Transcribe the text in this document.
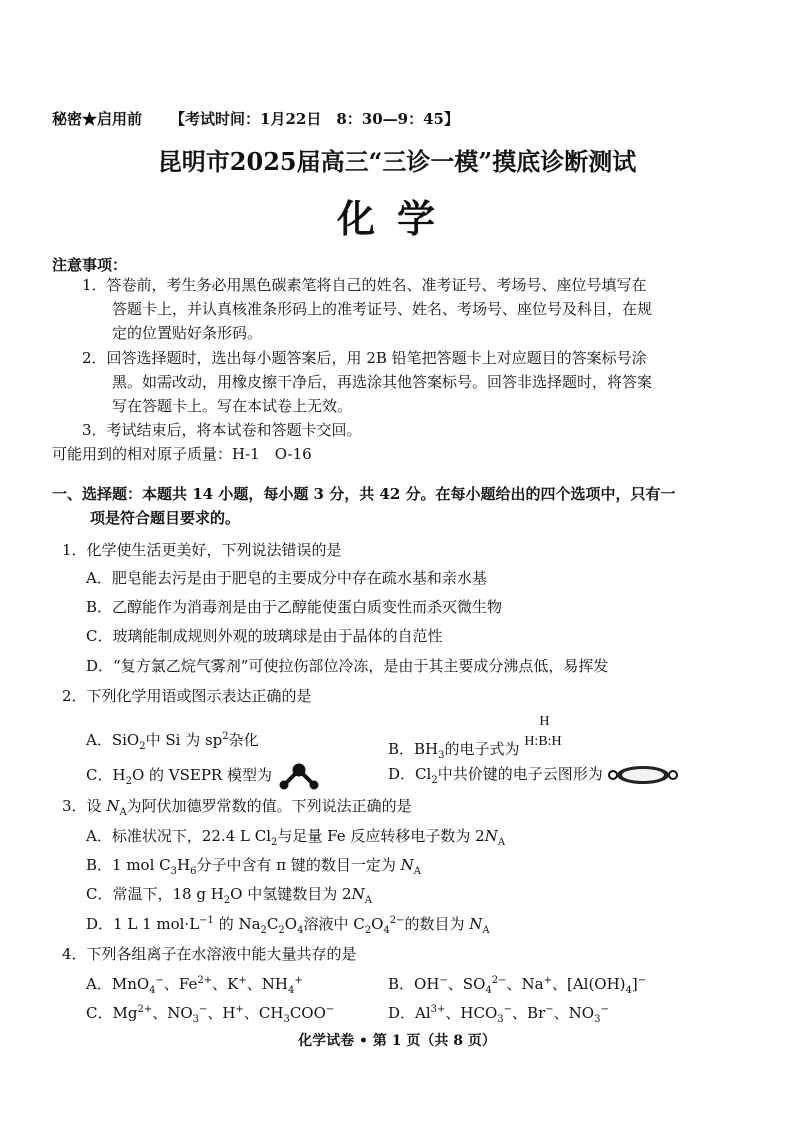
秘密★启用前 【考试时间：1月22日　8：30—9：45】
昆明市2025届高三“三诊一模”摸底诊断测试
化学
注意事项：
1．答卷前，考生务必用黑色碳素笔将自己的姓名、准考证号、考场号、座位号填写在
答题卡上，并认真核准条形码上的准考证号、姓名、考场号、座位号及科目，在规
定的位置贴好条形码。
2．回答选择题时，选出每小题答案后，用 2B 铅笔把答题卡上对应题目的答案标号涂
黑。如需改动，用橡皮擦干净后，再选涂其他答案标号。回答非选择题时，将答案
写在答题卡上。写在本试卷上无效。
3．考试结束后，将本试卷和答题卡交回。
可能用到的相对原子质量：H-1　O-16
一、选择题：本题共 14 小题，每小题 3 分，共 42 分。在每小题给出的四个选项中，只有一
项是符合题目要求的。
1．化学使生活更美好，下列说法错误的是
A．肥皂能去污是由于肥皂的主要成分中存在疏水基和亲水基
B．乙醇能作为消毒剂是由于乙醇能使蛋白质变性而杀灭微生物
C．玻璃能制成规则外观的玻璃球是由于晶体的自范性
D．“复方氯乙烷气雾剂”可使拉伤部位冷冻，是由于其主要成分沸点低，易挥发
2．下列化学用语或图示表达正确的是
A．SiO$_2$中 Si 为 $sp^2$杂化	B．$BH_3$的电子式为
H
H:B:H
C．$H_2O$ 的 VSEPR 模型为	D．$Cl_2$中共价键的电子云图形为
3．设 $N_A$为阿伏加德罗常数的值。下列说法正确的是
A．标准状况下，22.4 L $Cl_2$与足量 Fe 反应转移电子数为 $2N_A$
B．1 mol $C_3H_6$分子中含有 π 键的数目一定为 $N_A$
C．常温下，18 g $H_2O$ 中氢键数目为 $2N_A$
D．1 L 1 $mol\cdot L^{-1}$ 的 $Na_2C_2O_4$溶液中 $C_2O_4^{2-}$的数目为 $N_A$
4．下列各组离子在水溶液中能大量共存的是
A．MnO$_4$−、$Fe^{2+}$、K+、$NH_4^+$	B．OH−、$SO_4^{2-}$、Na+、$[Al(OH)_4]^-$
C．$Mg^{2+}$、$NO_3^-$、H+、$CH_3COO^-$	D．$Al^{3+}$、$HCO_3^-$、Br−、$NO_3^-$
化学试卷 • 第 1 页（共 8 页）
